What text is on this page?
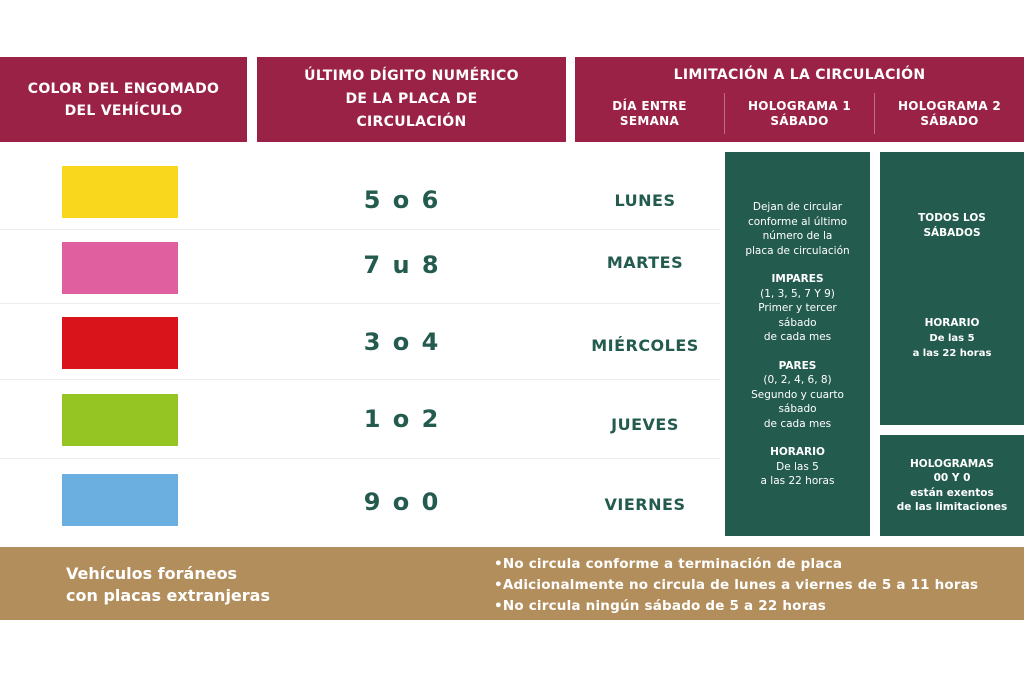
COLOR DEL ENGOMADO
DEL VEHÍCULO
ÚLTIMO DÍGITO NUMÉRICO
DE LA PLACA DE
CIRCULACIÓN
LIMITACIÓN A LA CIRCULACIÓN
DÍA ENTRE
SEMANA
HOLOGRAMA 1
SÁBADO
HOLOGRAMA 2
SÁBADO
5 o 6	LUNES
7 u 8	MARTES
3 o 4	MIÉRCOLES
1 o 2	JUEVES
9 o 0	VIERNES
Dejan de circular
conforme al último
número de la
placa de circulación
IMPARES
(1, 3, 5, 7 Y 9)
Primer y tercer
sábado
de cada mes
PARES
(0, 2, 4, 6, 8)
Segundo y cuarto
sábado
de cada mes
HORARIO
De las 5
a las 22 horas
TODOS LOS
SÁBADOS
HORARIO
De las 5
a las 22 horas
HOLOGRAMAS
00 Y 0
están exentos
de las limitaciones
Vehículos foráneos
con placas extranjeras
•No circula conforme a terminación de placa
•Adicionalmente no circula de lunes a viernes de 5 a 11 horas
•No circula ningún sábado de 5 a 22 horas
